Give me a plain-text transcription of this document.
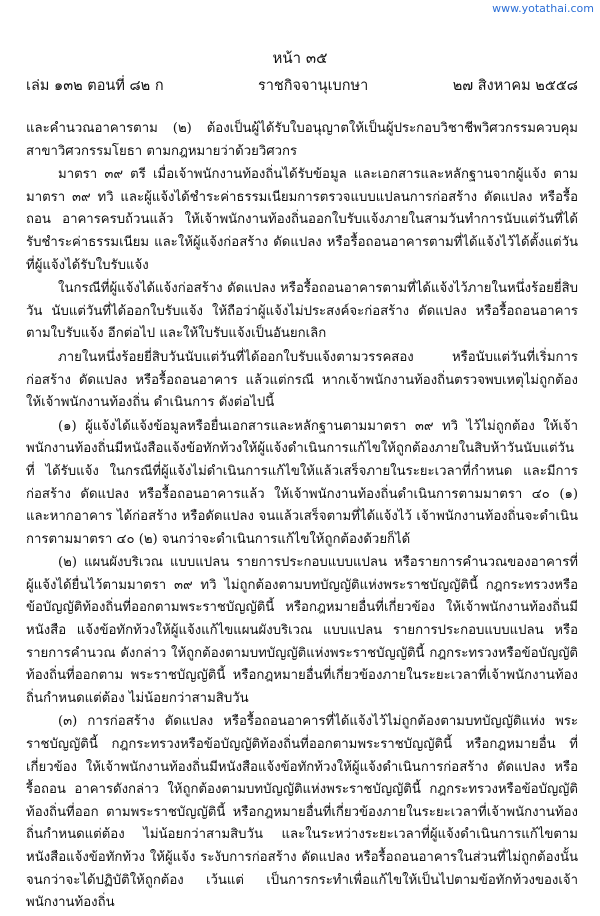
www.yotathai.com
หน้า ๓๕
เล่ม ๑๓๒ ตอนที่ ๘๒ ก	ราชกิจจานุเบกษา	๒๗ สิงหาคม ๒๕๕๘

และคำนวณอาคารตาม (๒) ต้องเป็นผู้ได้รับใบอนุญาตให้เป็นผู้ประกอบวิชาชีพวิศวกรรมควบคุม สาขาวิศวกรรมโยธา ตามกฎหมายว่าด้วยวิศวกร

มาตรา ๓๙ ตรี เมื่อเจ้าพนักงานท้องถิ่นได้รับข้อมูล และเอกสารและหลักฐานจากผู้แจ้ง ตามมาตรา ๓๙ ทวิ และผู้แจ้งได้ชำระค่าธรรมเนียมการตรวจแบบแปลนการก่อสร้าง ดัดแปลง หรือรื้อถอน อาคารครบถ้วนแล้ว ให้เจ้าพนักงานท้องถิ่นออกใบรับแจ้งภายในสามวันทำการนับแต่วันที่ได้รับชำระค่าธรรมเนียม และให้ผู้แจ้งก่อสร้าง ดัดแปลง หรือรื้อถอนอาคารตามที่ได้แจ้งไว้ได้ตั้งแต่วันที่ผู้แจ้งได้รับใบรับแจ้ง

ในกรณีที่ผู้แจ้งได้แจ้งก่อสร้าง ดัดแปลง หรือรื้อถอนอาคารตามที่ได้แจ้งไว้ภายในหนึ่งร้อยยี่สิบวัน นับแต่วันที่ได้ออกใบรับแจ้ง ให้ถือว่าผู้แจ้งไม่ประสงค์จะก่อสร้าง ดัดแปลง หรือรื้อถอนอาคารตามใบรับแจ้ง อีกต่อไป และให้ใบรับแจ้งเป็นอันยกเลิก

ภายในหนึ่งร้อยยี่สิบวันนับแต่วันที่ได้ออกใบรับแจ้งตามวรรคสอง หรือนับแต่วันที่เริ่มการก่อสร้าง ดัดแปลง หรือรื้อถอนอาคาร แล้วแต่กรณี หากเจ้าพนักงานท้องถิ่นตรวจพบเหตุไม่ถูกต้อง ให้เจ้าพนักงานท้องถิ่น ดำเนินการ ดังต่อไปนี้

(๑) ผู้แจ้งได้แจ้งข้อมูลหรือยื่นเอกสารและหลักฐานตามมาตรา ๓๙ ทวิ ไว้ไม่ถูกต้อง ให้เจ้าพนักงานท้องถิ่นมีหนังสือแจ้งข้อทักท้วงให้ผู้แจ้งดำเนินการแก้ไขให้ถูกต้องภายในสิบห้าวันนับแต่วันที่ ได้รับแจ้ง ในกรณีที่ผู้แจ้งไม่ดำเนินการแก้ไขให้แล้วเสร็จภายในระยะเวลาที่กำหนด และมีการก่อสร้าง ดัดแปลง หรือรื้อถอนอาคารแล้ว ให้เจ้าพนักงานท้องถิ่นดำเนินการตามมาตรา ๔๐ (๑) และหากอาคาร ได้ก่อสร้าง หรือดัดแปลง จนแล้วเสร็จตามที่ได้แจ้งไว้ เจ้าพนักงานท้องถิ่นจะดำเนินการตามมาตรา ๔๐ (๒) จนกว่าจะดำเนินการแก้ไขให้ถูกต้องด้วยก็ได้

(๒) แผนผังบริเวณ แบบแปลน รายการประกอบแบบแปลน หรือรายการคำนวณของอาคารที่ ผู้แจ้งได้ยื่นไว้ตามมาตรา ๓๙ ทวิ ไม่ถูกต้องตามบทบัญญัติแห่งพระราชบัญญัตินี้ กฎกระทรวงหรือ ข้อบัญญัติท้องถิ่นที่ออกตามพระราชบัญญัตินี้ หรือกฎหมายอื่นที่เกี่ยวข้อง ให้เจ้าพนักงานท้องถิ่นมีหนังสือ แจ้งข้อทักท้วงให้ผู้แจ้งแก้ไขแผนผังบริเวณ แบบแปลน รายการประกอบแบบแปลน หรือรายการคำนวณ ดังกล่าว ให้ถูกต้องตามบทบัญญัติแห่งพระราชบัญญัตินี้ กฎกระทรวงหรือข้อบัญญัติท้องถิ่นที่ออกตาม พระราชบัญญัตินี้ หรือกฎหมายอื่นที่เกี่ยวข้องภายในระยะเวลาที่เจ้าพนักงานท้องถิ่นกำหนดแต่ต้อง ไม่น้อยกว่าสามสิบวัน

(๓) การก่อสร้าง ดัดแปลง หรือรื้อถอนอาคารที่ได้แจ้งไว้ไม่ถูกต้องตามบทบัญญัติแห่ง พระราชบัญญัตินี้ กฎกระทรวงหรือข้อบัญญัติท้องถิ่นที่ออกตามพระราชบัญญัตินี้ หรือกฎหมายอื่น ที่เกี่ยวข้อง ให้เจ้าพนักงานท้องถิ่นมีหนังสือแจ้งข้อทักท้วงให้ผู้แจ้งดำเนินการก่อสร้าง ดัดแปลง หรือรื้อถอน อาคารดังกล่าว ให้ถูกต้องตามบทบัญญัติแห่งพระราชบัญญัตินี้ กฎกระทรวงหรือข้อบัญญัติท้องถิ่นที่ออก ตามพระราชบัญญัตินี้ หรือกฎหมายอื่นที่เกี่ยวข้องภายในระยะเวลาที่เจ้าพนักงานท้องถิ่นกำหนดแต่ต้อง ไม่น้อยกว่าสามสิบวัน และในระหว่างระยะเวลาที่ผู้แจ้งดำเนินการแก้ไขตามหนังสือแจ้งข้อทักท้วง ให้ผู้แจ้ง ระงับการก่อสร้าง ดัดแปลง หรือรื้อถอนอาคารในส่วนที่ไม่ถูกต้องนั้นจนกว่าจะได้ปฏิบัติให้ถูกต้อง เว้นแต่ เป็นการกระทำเพื่อแก้ไขให้เป็นไปตามข้อทักท้วงของเจ้าพนักงานท้องถิ่น
